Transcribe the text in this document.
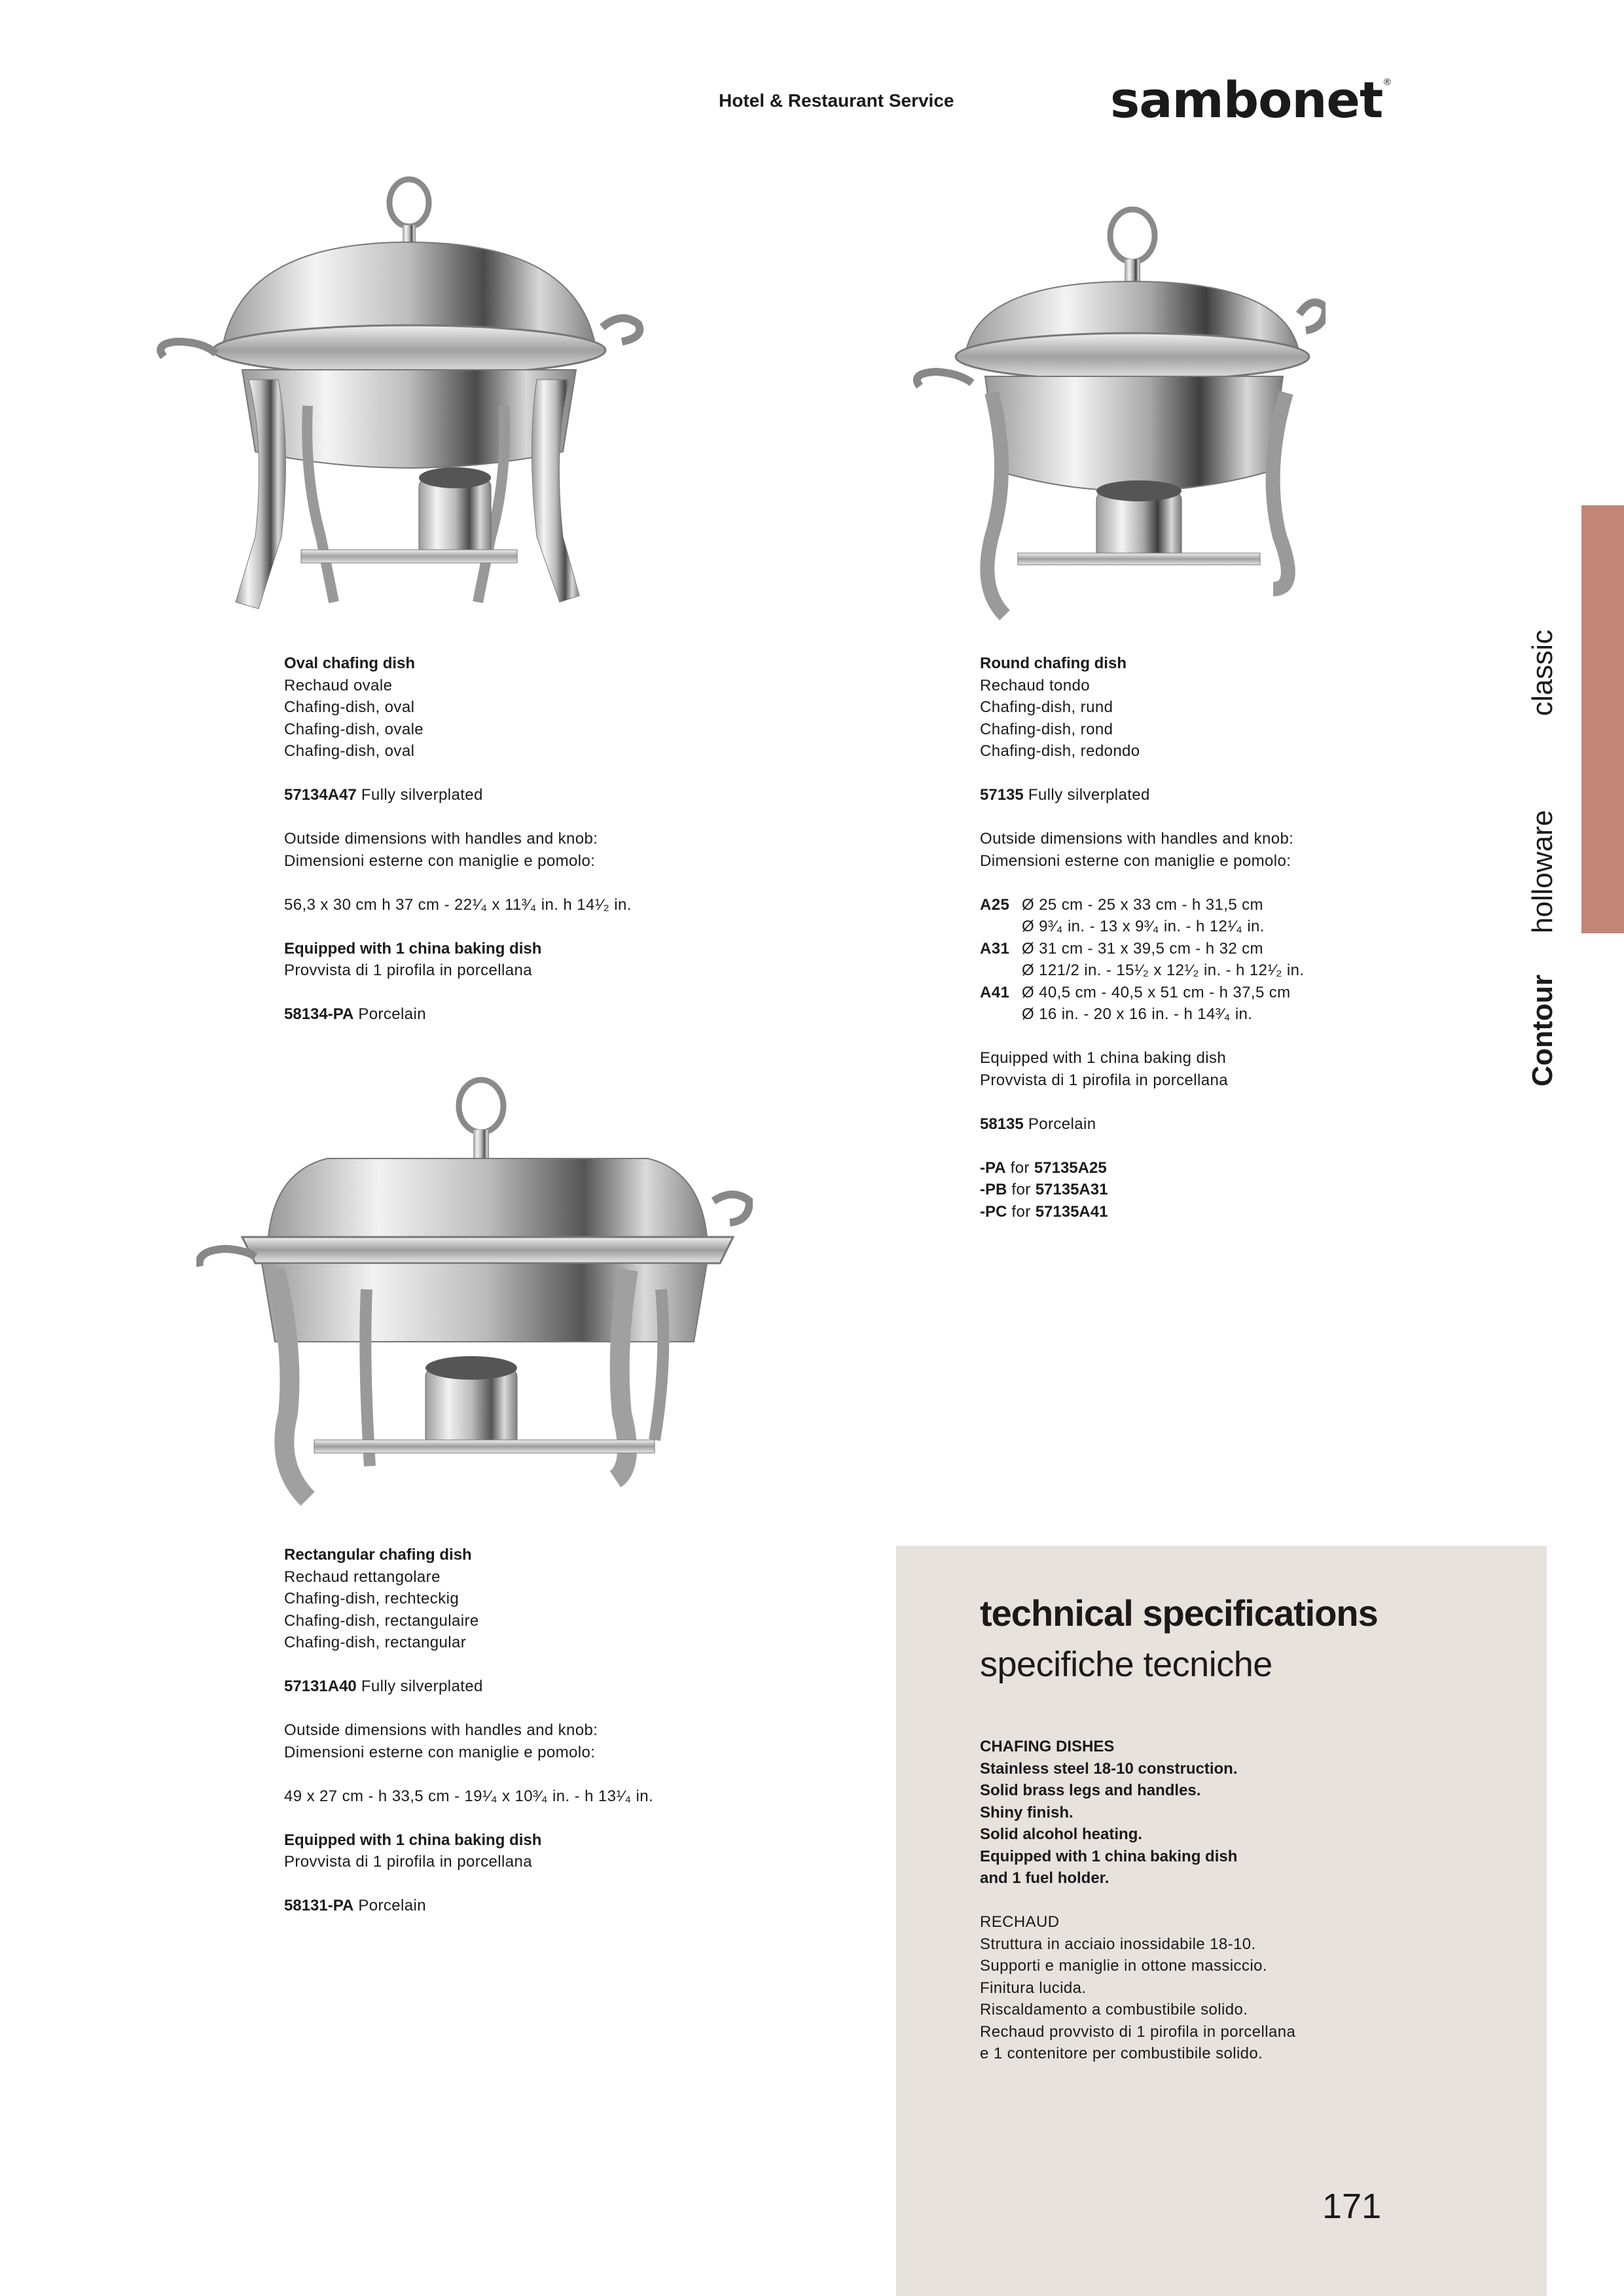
Hotel & Restaurant Service	sambonet®
Oval chafing dish
Rechaud ovale
Chafing-dish, oval
Chafing-dish, ovale
Chafing-dish, oval
57134A47 Fully silverplated
Outside dimensions with handles and knob:
Dimensioni esterne con maniglie e pomolo:
56,3 x 30 cm h 37 cm - 22¹⁄₄ x 11³⁄₄ in. h 14¹⁄₂ in.
Equipped with 1 china baking dish
Provvista di 1 pirofila in porcellana
58134-PA Porcelain
Round chafing dish
Rechaud tondo
Chafing-dish, rund
Chafing-dish, rond
Chafing-dish, redondo
57135 Fully silverplated
Outside dimensions with handles and knob:
Dimensioni esterne con maniglie e pomolo:
A25 Ø 25 cm - 25 x 33 cm - h 31,5 cm
Ø 9³⁄₄ in. - 13 x 9³⁄₄ in. - h 12¹⁄₄ in.
A31 Ø 31 cm - 31 x 39,5 cm - h 32 cm
Ø 121/2 in. - 15¹⁄₂ x 12¹⁄₂ in. - h 12¹⁄₂ in.
A41 Ø 40,5 cm - 40,5 x 51 cm - h 37,5 cm
Ø 16 in. - 20 x 16 in. - h 14³⁄₄ in.
Equipped with 1 china baking dish
Provvista di 1 pirofila in porcellana
58135 Porcelain
-PA for 57135A25
-PB for 57135A31
-PC for 57135A41
Rectangular chafing dish
Rechaud rettangolare
Chafing-dish, rechteckig
Chafing-dish, rectangulaire
Chafing-dish, rectangular
57131A40 Fully silverplated
Outside dimensions with handles and knob:
Dimensioni esterne con maniglie e pomolo:
49 x 27 cm - h 33,5 cm - 19¹⁄₄ x 10³⁄₄ in. - h 13¹⁄₄ in.
Equipped with 1 china baking dish
Provvista di 1 pirofila in porcellana
58131-PA Porcelain
technical specifications
specifiche tecniche
CHAFING DISHES
Stainless steel 18-10 construction.
Solid brass legs and handles.
Shiny finish.
Solid alcohol heating.
Equipped with 1 china baking dish
and 1 fuel holder.
RECHAUD
Struttura in acciaio inossidabile 18-10.
Supporti e maniglie in ottone massiccio.
Finitura lucida.
Riscaldamento a combustibile solido.
Rechaud provvisto di 1 pirofila in porcellana
e 1 contenitore per combustibile solido.
171
classic
holloware
Contour
